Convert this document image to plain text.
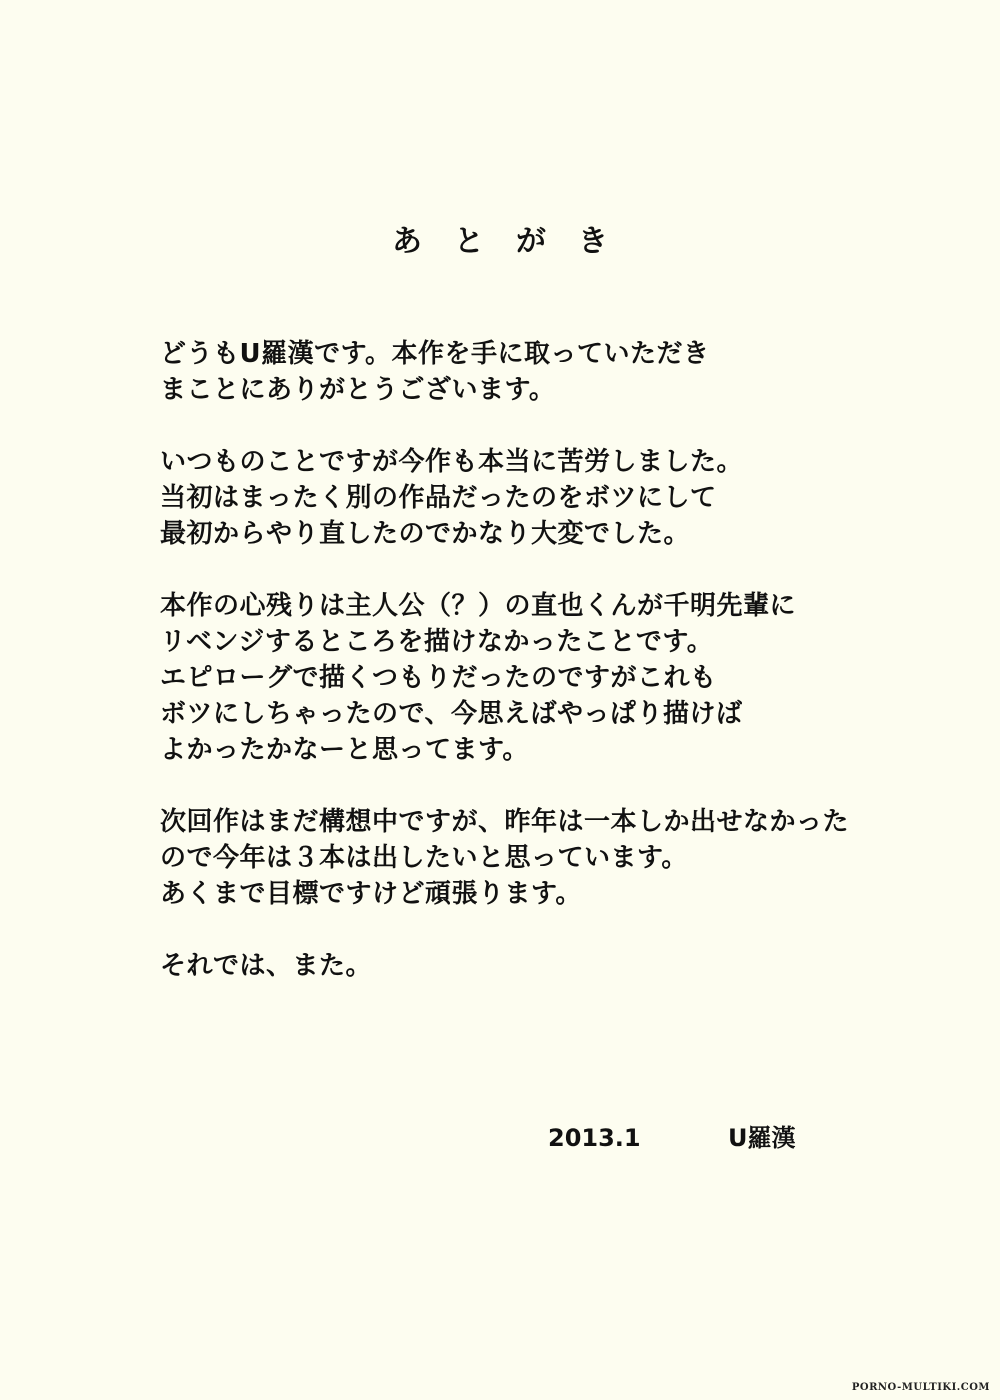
あとがき
どうもU羅漢です。本作を手に取っていただき
まことにありがとうございます。
いつものことですが今作も本当に苦労しました。
当初はまったく別の作品だったのをボツにして
最初からやり直したのでかなり大変でした。
本作の心残りは主人公（？）の直也くんが千明先輩に
リベンジするところを描けなかったことです。
エピローグで描くつもりだったのですがこれも
ボツにしちゃったので、今思えばやっぱり描けば
よかったかなーと思ってます。
次回作はまだ構想中ですが、昨年は一本しか出せなかった
ので今年は３本は出したいと思っています。
あくまで目標ですけど頑張ります。
それでは、また。
2013.1	U羅漢
PORNO-MULTIKI.COM
